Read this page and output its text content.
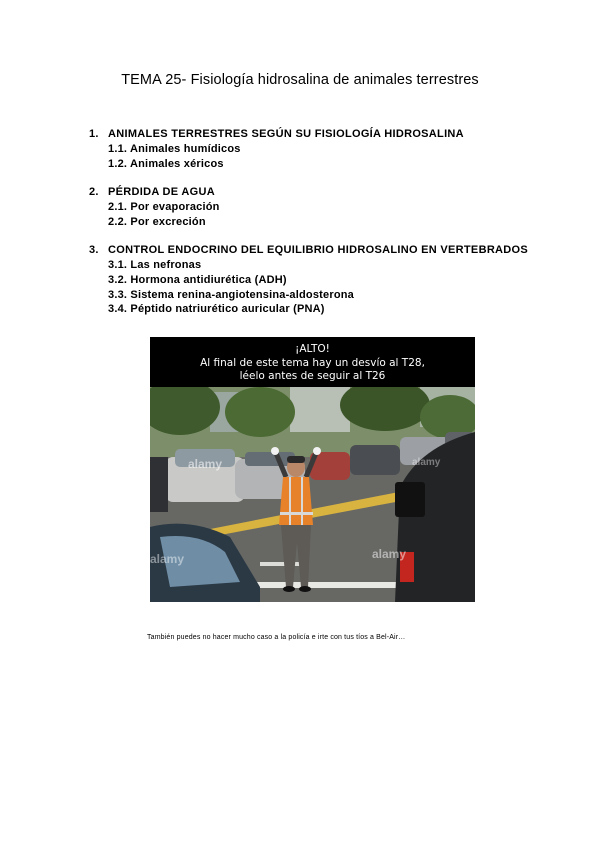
TEMA 25- Fisiología hidrosalina de animales terrestres
1. ANIMALES TERRESTRES SEGÚN SU FISIOLOGÍA HIDROSALINA
1.1. Animales humídicos
1.2. Animales xéricos
2. PÉRDIDA DE AGUA
2.1. Por evaporación
2.2. Por excreción
3. CONTROL ENDOCRINO DEL EQUILIBRIO HIDROSALINO EN VERTEBRADOS
3.1. Las nefronas
3.2. Hormona antidiurética (ADH)
3.3. Sistema renina-angiotensina-aldosterona
3.4. Péptido natriurético auricular (PNA)
¡ALTO!
Al final de este tema hay un desvío al T28,
léelo antes de seguir al T26
alamy
alamy
alamy
alamy
También puedes no hacer mucho caso a la policía e irte con tus tíos a Bel-Air…
